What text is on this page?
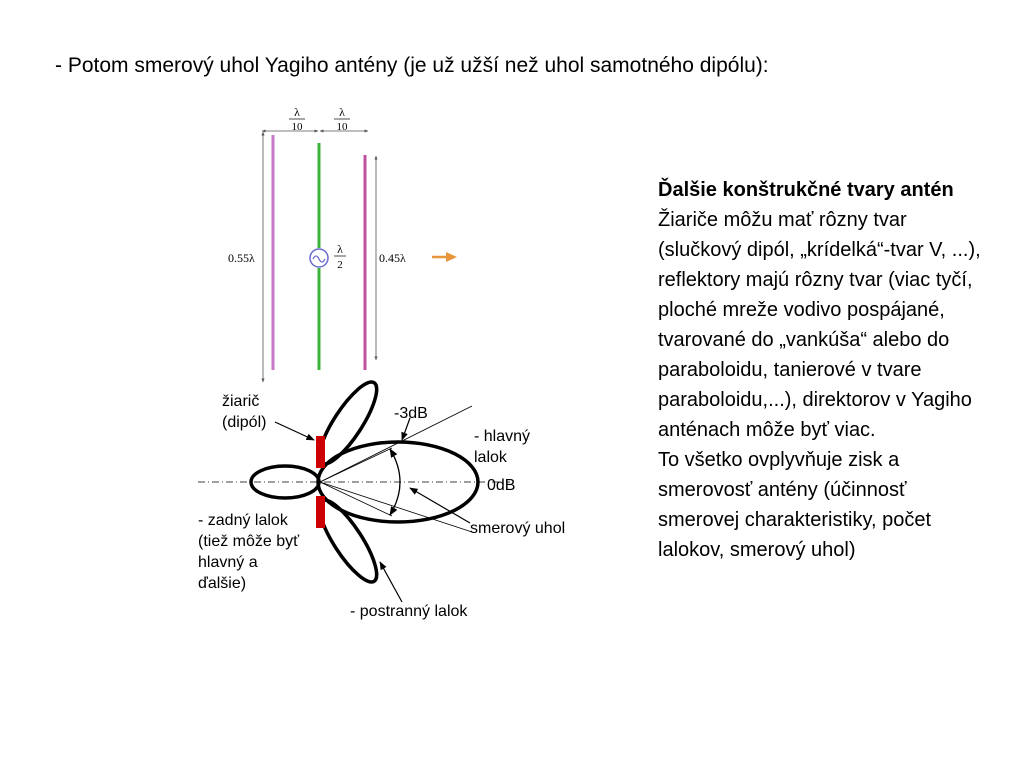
- Potom smerový uhol Yagiho antény (je už užší než uhol samotného dipólu):
λ
10
λ
10
0.55λ	0.45λ
λ
2
žiarič (dipól)
-3dB
- hlavný lalok
0dB
- zadný lalok (tiež môže byť hlavný a ďalšie)
smerový uhol
- postranný lalok
Ďalšie konštrukčné tvary antén

Žiariče môžu mať rôzny tvar (slučkový dipól, „krídelká“-tvar V, ...), reflektory majú rôzny tvar (viac tyčí, ploché mreže vodivo pospájané, tvarované do „vankúša“ alebo do paraboloidu, tanierové v tvare paraboloidu,...), direktorov v Yagiho anténach môže byť viac.

To všetko ovplyvňuje zisk a smerovosť antény (účinnosť smerovej charakteristiky, počet lalokov, smerový uhol)
